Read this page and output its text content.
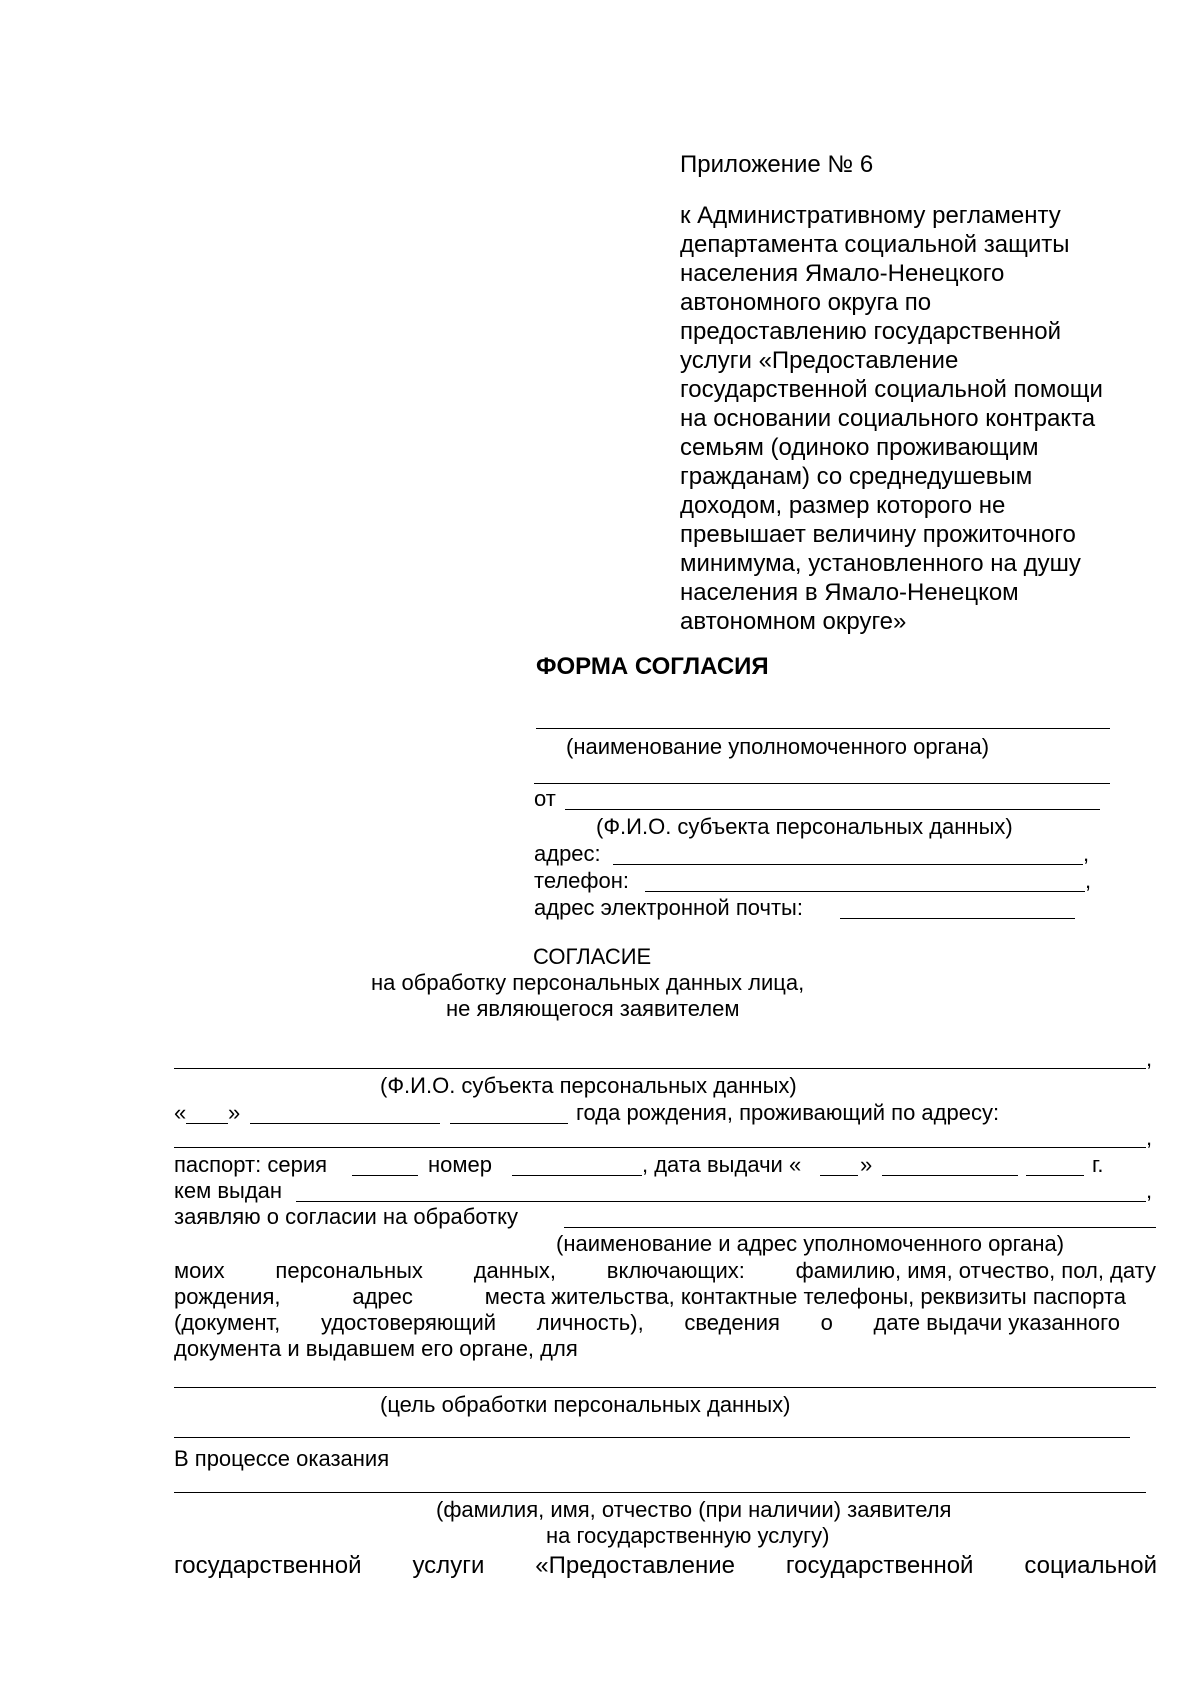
Приложение № 6
к Административному регламенту
департамента социальной защиты
населения Ямало-Ненецкого
автономного округа по
предоставлению государственной
услуги «Предоставление
государственной социальной помощи
на основании социального контракта
семьям (одиноко проживающим
гражданам) со среднедушевым
доходом, размер которого не
превышает величину прожиточного
минимума, установленного на душу
населения в Ямало-Ненецком
автономном округе»
ФОРМА СОГЛАСИЯ
(наименование уполномоченного органа)
от
(Ф.И.О. субъекта персональных данных)
адрес:	,
телефон:	,
адрес электронной почты:
СОГЛАСИЕ
на обработку персональных данных лица,
не являющегося заявителем
,
(Ф.И.О. субъекта персональных данных)
« »	года рождения, проживающий по адресу:
,
паспорт: серия	номер	, дата выдачи «	»	г.
кем выдан	,
заявляю о согласии на обработку
(наименование и адрес уполномоченного органа)
моих персональных данных, включающих: фамилию, имя, отчество, пол, дату
рождения,	адрес	места жительства, контактные телефоны, реквизиты паспорта
(документ, удостоверяющий личность), сведения о дате выдачи указанного
документа и выдавшем его органе, для
(цель обработки персональных данных)
В процессе оказания
(фамилия, имя, отчество (при наличии) заявителя
на государственную услугу)
государственной услуги «Предоставление государственной социальной
